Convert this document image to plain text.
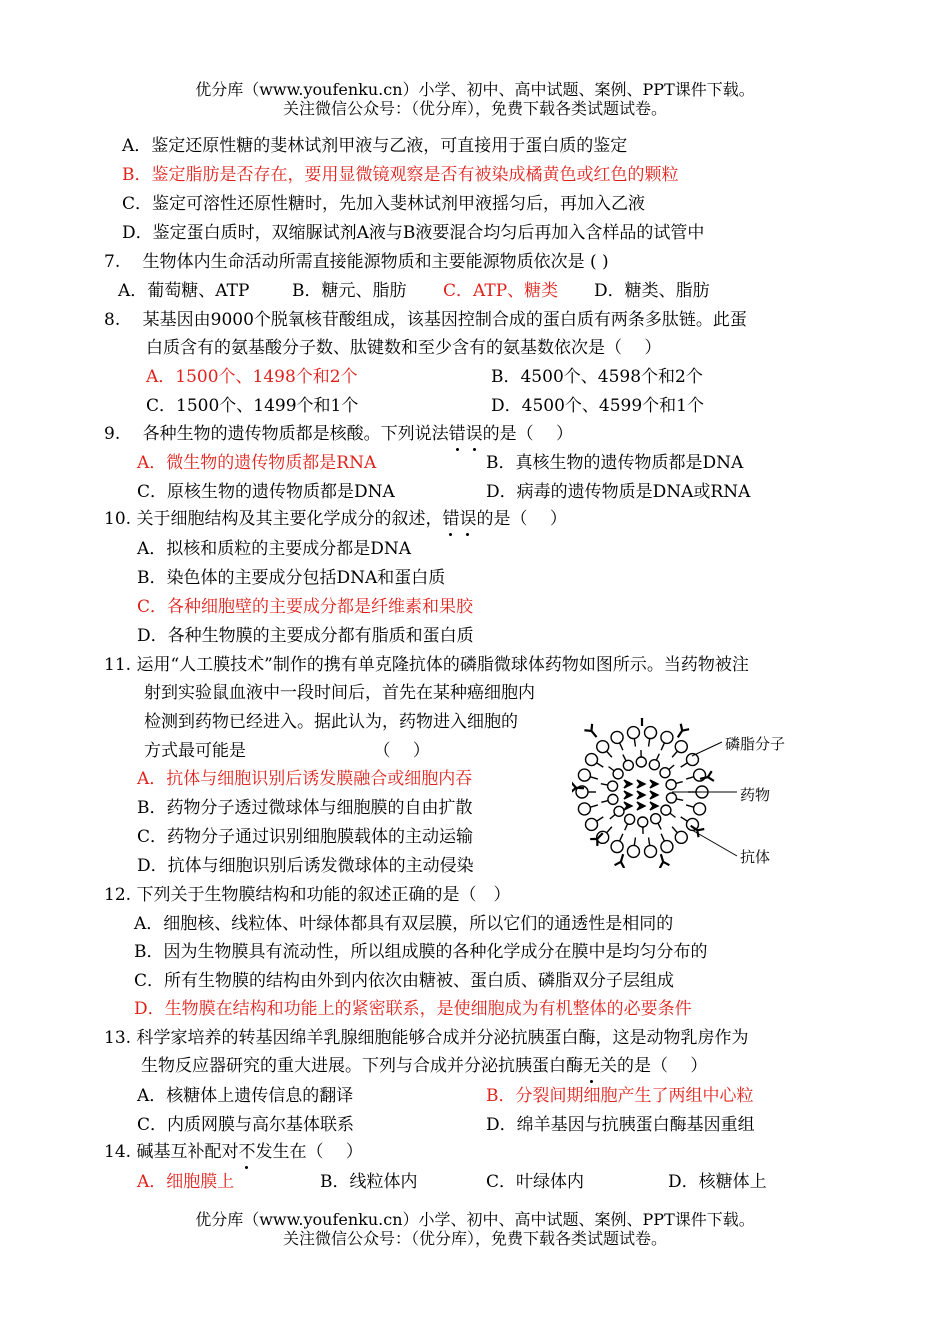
优分库（www.youfenku.cn）小学、初中、高中试题、案例、PPT课件下载。
关注微信公众号：（优分库），免费下载各类试题试卷。
A．鉴定还原性糖的斐林试剂甲液与乙液，可直接用于蛋白质的鉴定
B．鉴定脂肪是否存在，要用显微镜观察是否有被染成橘黄色或红色的颗粒
C．鉴定可溶性还原性糖时，先加入斐林试剂甲液摇匀后，再加入乙液
D．鉴定蛋白质时，双缩脲试剂A液与B液要混合均匀后再加入含样品的试管中
7.　 生物体内生命活动所需直接能源物质和主要能源物质依次是 ( )
A．葡萄糖、ATP	B．糖元、脂肪 C．ATP、糖类 D．糖类、脂肪
8.　 某基因由9000个脱氧核苷酸组成，该基因控制合成的蛋白质有两条多肽链。此蛋
白质含有的氨基酸分子数、肽键数和至少含有的氨基数依次是（　 ）
A．1500个、1498个和2个	B．4500个、4598个和2个
C．1500个、1499个和1个	D．4500个、4599个和1个
9.　 各种生物的遗传物质都是核酸。下列说法错误的是（　 ）
A．微生物的遗传物质都是RNA	B．真核生物的遗传物质都是DNA
C．原核生物的遗传物质都是DNA	D．病毒的遗传物质是DNA或RNA
10. 关于细胞结构及其主要化学成分的叙述，错误的是（　 ）
A．拟核和质粒的主要成分都是DNA
B．染色体的主要成分包括DNA和蛋白质
C．各种细胞壁的主要成分都是纤维素和果胶
D．各种生物膜的主要成分都有脂质和蛋白质
11. 运用“人工膜技术”制作的携有单克隆抗体的磷脂微球体药物如图所示。当药物被注
射到实验鼠血液中一段时间后，首先在某种癌细胞内
检测到药物已经进入。据此认为，药物进入细胞的
方式最可能是　　　　　　　　（　 ）
A．抗体与细胞识别后诱发膜融合或细胞内吞
B．药物分子透过微球体与细胞膜的自由扩散
C．药物分子通过识别细胞膜载体的主动运输
D．抗体与细胞识别后诱发微球体的主动侵染
磷脂分子
药物
抗体
12. 下列关于生物膜结构和功能的叙述正确的是（　）
A．细胞核、线粒体、叶绿体都具有双层膜，所以它们的通透性是相同的
B．因为生物膜具有流动性，所以组成膜的各种化学成分在膜中是均匀分布的
C．所有生物膜的结构由外到内依次由糖被、蛋白质、磷脂双分子层组成
D．生物膜在结构和功能上的紧密联系，是使细胞成为有机整体的必要条件
13. 科学家培养的转基因绵羊乳腺细胞能够合成并分泌抗胰蛋白酶，这是动物乳房作为
生物反应器研究的重大进展。下列与合成并分泌抗胰蛋白酶无关的是（　 ）
A．核糖体上遗传信息的翻译	B．分裂间期细胞产生了两组中心粒
C．内质网膜与高尔基体联系	D．绵羊基因与抗胰蛋白酶基因重组
14. 碱基互补配对不发生在（　 ）
A．细胞膜上	B．线粒体内	C．叶绿体内	D．核糖体上
优分库（www.youfenku.cn）小学、初中、高中试题、案例、PPT课件下载。
关注微信公众号：（优分库），免费下载各类试题试卷。
